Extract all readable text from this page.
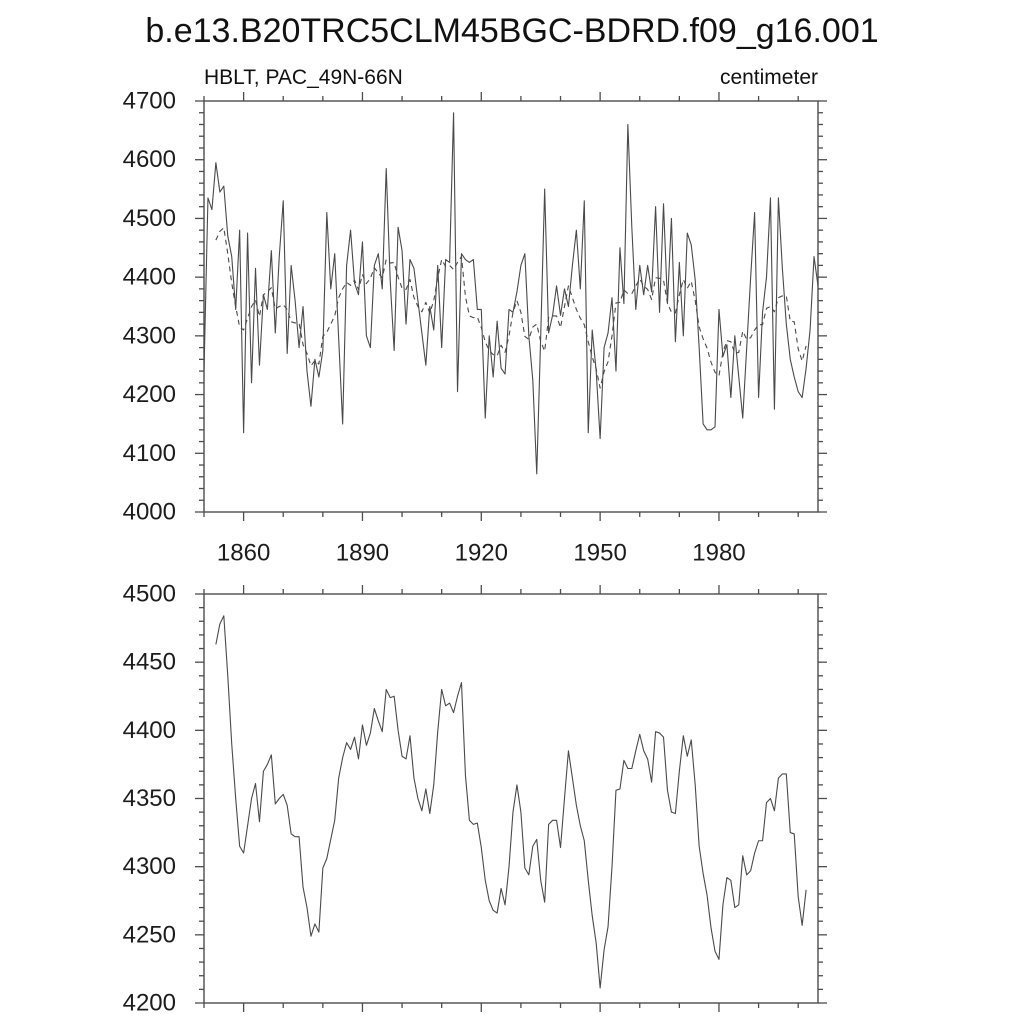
b.e13.B20TRC5CLM45BGC-BDRD.f09_g16.001
HBLT, PAC_49N-66N	centimeter
4000
4100
4200
4300
4400
4500
4600
4700
1860	1890	1920	1950	1980
4200
4250
4300
4350
4400
4450
4500
